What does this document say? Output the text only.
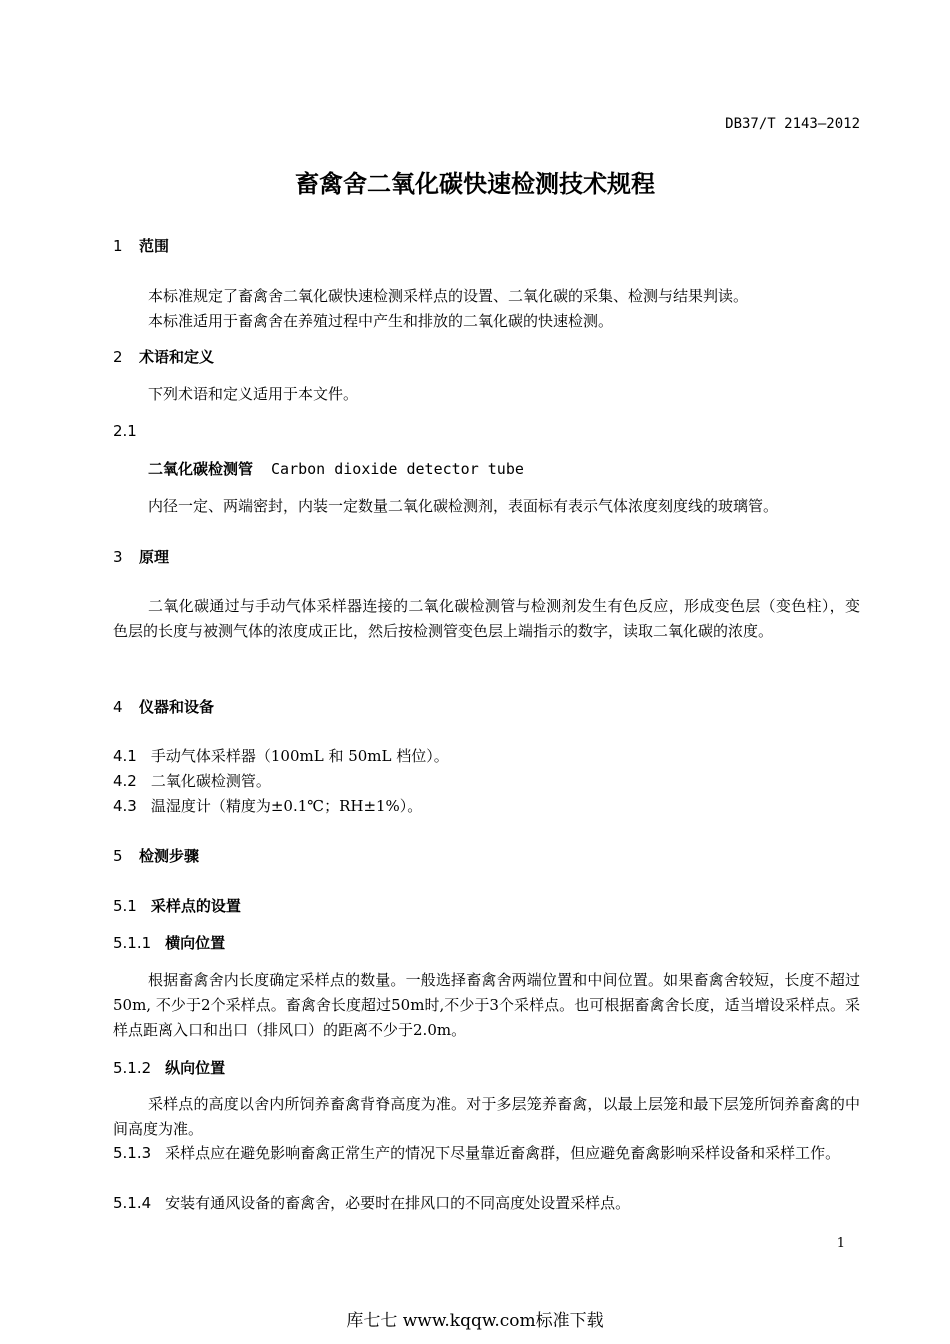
DB37/T 2143—2012
畜禽舍二氧化碳快速检测技术规程
1 范围
本标准规定了畜禽舍二氧化碳快速检测采样点的设置、二氧化碳的采集、检测与结果判读。
本标准适用于畜禽舍在养殖过程中产生和排放的二氧化碳的快速检测。
2 术语和定义
下列术语和定义适用于本文件。
2.1
二氧化碳检测管 Carbon dioxide detector tube
内径一定、两端密封，内装一定数量二氧化碳检测剂，表面标有表示气体浓度刻度线的玻璃管。
3 原理
二氧化碳通过与手动气体采样器连接的二氧化碳检测管与检测剂发生有色反应，形成变色层（变色柱），变色层的长度与被测气体的浓度成正比，然后按检测管变色层上端指示的数字，读取二氧化碳的浓度。
4 仪器和设备
4.1 手动气体采样器（100mL 和 50mL 档位）。
4.2 二氧化碳检测管。
4.3 温湿度计（精度为±0.1℃；RH±1%）。
5 检测步骤
5.1 采样点的设置
5.1.1 横向位置
根据畜禽舍内长度确定采样点的数量。一般选择畜禽舍两端位置和中间位置。如果畜禽舍较短，长度不超过50m, 不少于2个采样点。畜禽舍长度超过50m时,不少于3个采样点。也可根据畜禽舍长度，适当增设采样点。采样点距离入口和出口（排风口）的距离不少于2.0m。
5.1.2 纵向位置
采样点的高度以舍内所饲养畜禽背脊高度为准。对于多层笼养畜禽，以最上层笼和最下层笼所饲养畜禽的中间高度为准。
5.1.3 采样点应在避免影响畜禽正常生产的情况下尽量靠近畜禽群，但应避免畜禽影响采样设备和采样工作。
5.1.4 安装有通风设备的畜禽舍，必要时在排风口的不同高度处设置采样点。
1
库七七 www.kqqw.com标准下载
